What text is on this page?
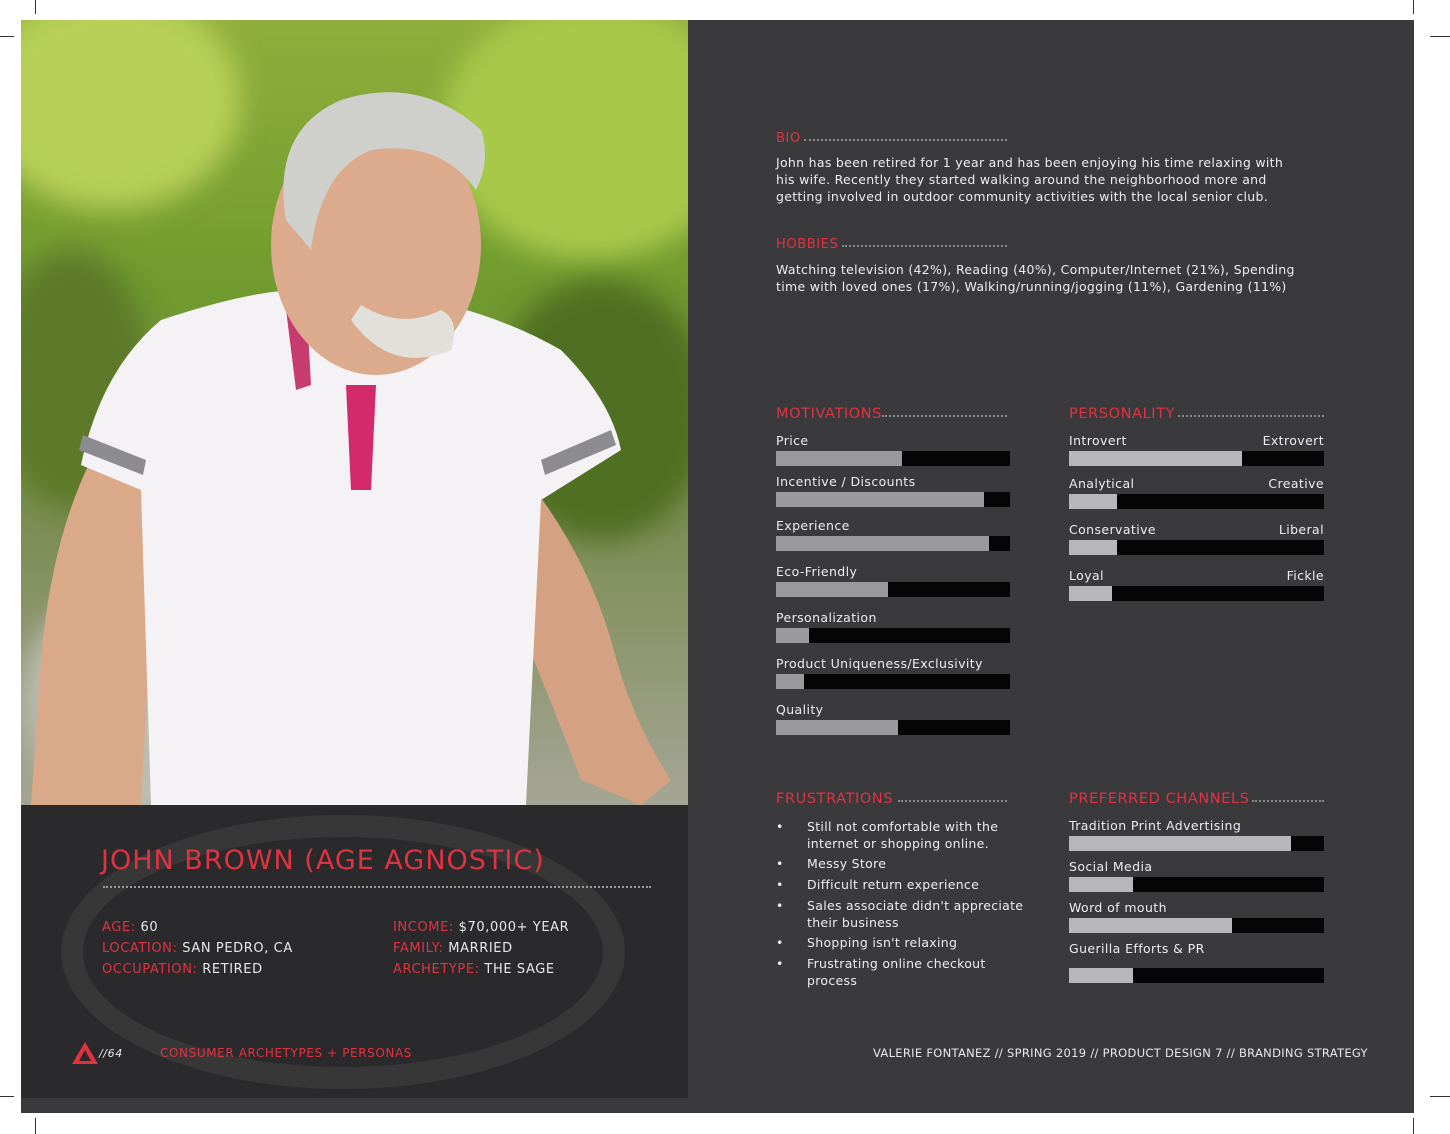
JOHN BROWN (AGE AGNOSTIC)
AGE: 60
LOCATION: SAN PEDRO, CA
OCCUPATION: RETIRED
INCOME: $70,000+ YEAR
FAMILY: MARRIED
ARCHETYPE: THE SAGE
//64	CONSUMER ARCHETYPES + PERSONAS	VALERIE FONTANEZ // SPRING 2019 // PRODUCT DESIGN 7 // BRANDING STRATEGY
BIO
John has been retired for 1 year and has been enjoying his time relaxing with his wife. Recently they started walking around the neighborhood more and getting involved in outdoor community activities with the local senior club.
HOBBIES
Watching television (42%), Reading (40%), Computer/Internet (21%), Spending time with loved ones (17%), Walking/running/jogging (11%), Gardening (11%)
MOTIVATIONS
Price
Incentive / Discounts
Experience
Eco-Friendly
Personalization
Product Uniqueness/Exclusivity
Quality
PERSONALITY
Introvert	Extrovert
Analytical	Creative
Conservative	Liberal
Loyal	Fickle
FRUSTRATIONS
• Still not comfortable with the internet or shopping online.
• Messy Store
• Difficult return experience
• Sales associate didn't appreciate their business
• Shopping isn't relaxing
• Frustrating online checkout process
PREFERRED CHANNELS
Tradition Print Advertising
Social Media
Word of mouth
Guerilla Efforts & PR
